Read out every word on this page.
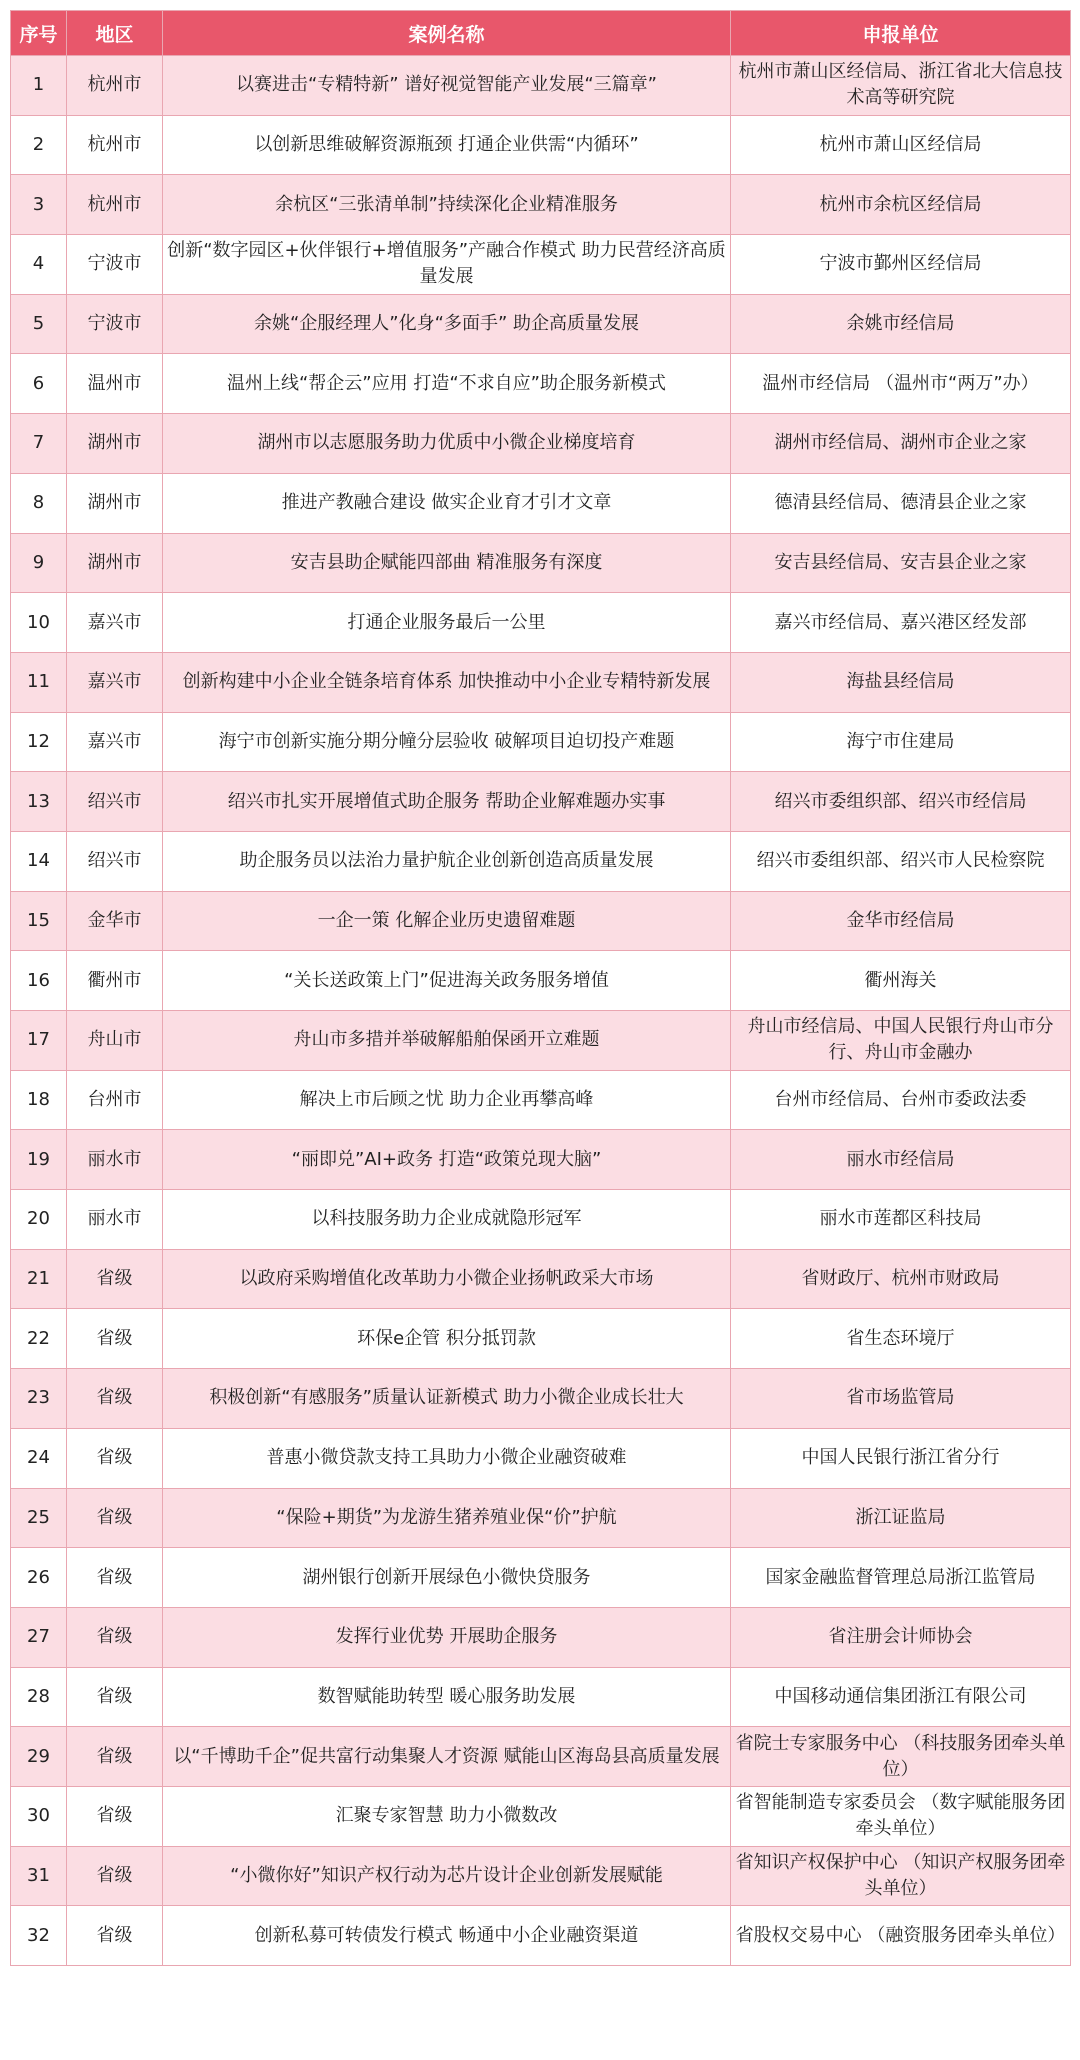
序号	地区	案例名称	申报单位
1	杭州市	以赛进击“专精特新” 谱好视觉智能产业发展“三篇章”	杭州市萧山区经信局、浙江省北大信息技术高等研究院
2	杭州市	以创新思维破解资源瓶颈 打通企业供需“内循环”	杭州市萧山区经信局
3	杭州市	余杭区“三张清单制”持续深化企业精准服务	杭州市余杭区经信局
4	宁波市	创新“数字园区+伙伴银行+增值服务”产融合作模式 助力民营经济高质量发展	宁波市鄞州区经信局
5	宁波市	余姚“企服经理人”化身“多面手” 助企高质量发展	余姚市经信局
6	温州市	温州上线“帮企云”应用 打造“不求自应”助企服务新模式	温州市经信局 （温州市“两万”办）
7	湖州市	湖州市以志愿服务助力优质中小微企业梯度培育	湖州市经信局、湖州市企业之家
8	湖州市	推进产教融合建设 做实企业育才引才文章	德清县经信局、德清县企业之家
9	湖州市	安吉县助企赋能四部曲 精准服务有深度	安吉县经信局、安吉县企业之家
10	嘉兴市	打通企业服务最后一公里	嘉兴市经信局、嘉兴港区经发部
11	嘉兴市	创新构建中小企业全链条培育体系 加快推动中小企业专精特新发展	海盐县经信局
12	嘉兴市	海宁市创新实施分期分幢分层验收 破解项目迫切投产难题	海宁市住建局
13	绍兴市	绍兴市扎实开展增值式助企服务 帮助企业解难题办实事	绍兴市委组织部、绍兴市经信局
14	绍兴市	助企服务员以法治力量护航企业创新创造高质量发展	绍兴市委组织部、绍兴市人民检察院
15	金华市	一企一策 化解企业历史遗留难题	金华市经信局
16	衢州市	“关长送政策上门”促进海关政务服务增值	衢州海关
17	舟山市	舟山市多措并举破解船舶保函开立难题	舟山市经信局、中国人民银行舟山市分行、舟山市金融办
18	台州市	解决上市后顾之忧 助力企业再攀高峰	台州市经信局、台州市委政法委
19	丽水市	“丽即兑”AI+政务 打造“政策兑现大脑”	丽水市经信局
20	丽水市	以科技服务助力企业成就隐形冠军	丽水市莲都区科技局
21	省级	以政府采购增值化改革助力小微企业扬帆政采大市场	省财政厅、杭州市财政局
22	省级	环保e企管 积分抵罚款	省生态环境厅
23	省级	积极创新“有感服务”质量认证新模式 助力小微企业成长壮大	省市场监管局
24	省级	普惠小微贷款支持工具助力小微企业融资破难	中国人民银行浙江省分行
25	省级	“保险+期货”为龙游生猪养殖业保“价”护航	浙江证监局
26	省级	湖州银行创新开展绿色小微快贷服务	国家金融监督管理总局浙江监管局
27	省级	发挥行业优势 开展助企服务	省注册会计师协会
28	省级	数智赋能助转型 暖心服务助发展	中国移动通信集团浙江有限公司
29	省级	以“千博助千企”促共富行动集聚人才资源 赋能山区海岛县高质量发展	省院士专家服务中心 （科技服务团牵头单位）
30	省级	汇聚专家智慧 助力小微数改	省智能制造专家委员会 （数字赋能服务团牵头单位）
31	省级	“小微你好”知识产权行动为芯片设计企业创新发展赋能	省知识产权保护中心 （知识产权服务团牵头单位）
32	省级	创新私募可转债发行模式 畅通中小企业融资渠道	省股权交易中心 （融资服务团牵头单位）
